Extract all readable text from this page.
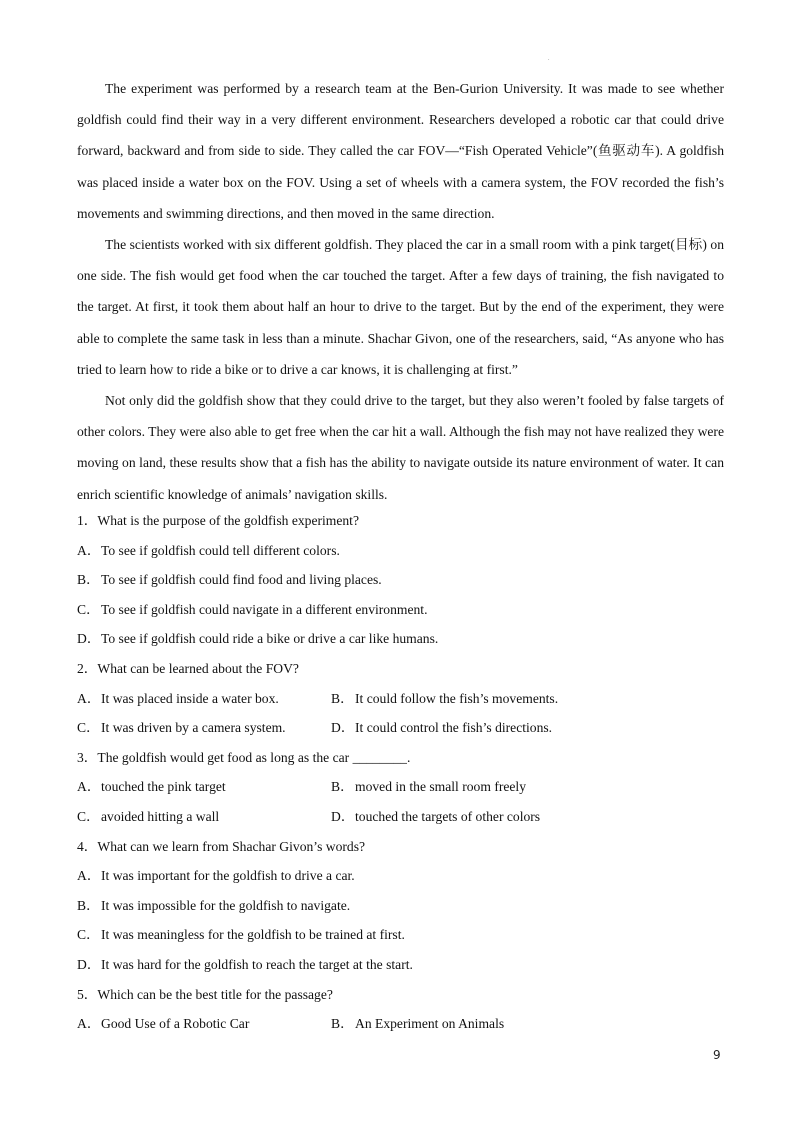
.

The experiment was performed by a research team at the Ben-Gurion University. It was made to see whether goldfish could find their way in a very different environment. Researchers developed a robotic car that could drive forward, backward and from side to side. They called the car FOV—“Fish Operated Vehicle”(鱼驱动车). A goldfish was placed inside a water box on the FOV. Using a set of wheels with a camera system, the FOV recorded the fish’s movements and swimming directions, and then moved in the same direction.

The scientists worked with six different goldfish. They placed the car in a small room with a pink target(目标) on one side. The fish would get food when the car touched the target. After a few days of training, the fish navigated to the target. At first, it took them about half an hour to drive to the target. But by the end of the experiment, they were able to complete the same task in less than a minute. Shachar Givon, one of the researchers, said, “As anyone who has tried to learn how to ride a bike or to drive a car knows, it is challenging at first.”

Not only did the goldfish show that they could drive to the target, but they also weren’t fooled by false targets of other colors. They were also able to get free when the car hit a wall. Although the fish may not have realized they were moving on land, these results show that a fish has the ability to navigate outside its nature environment of water. It can enrich scientific knowledge of animals’ navigation skills.

1．What is the purpose of the goldfish experiment?
A．To see if goldfish could tell different colors.
B．To see if goldfish could find food and living places.
C．To see if goldfish could navigate in a different environment.
D．To see if goldfish could ride a bike or drive a car like humans.
2．What can be learned about the FOV?
A．It was placed inside a water box.	B．It could follow the fish’s movements.
C．It was driven by a camera system.	D．It could control the fish’s directions.
3．The goldfish would get food as long as the car ________.
A．touched the pink target	B．moved in the small room freely
C．avoided hitting a wall	D．touched the targets of other colors
4．What can we learn from Shachar Givon’s words?
A．It was important for the goldfish to drive a car.
B．It was impossible for the goldfish to navigate.
C．It was meaningless for the goldfish to be trained at first.
D．It was hard for the goldfish to reach the target at the start.
5．Which can be the best title for the passage?
A．Good Use of a Robotic Car	B．An Experiment on Animals
9
